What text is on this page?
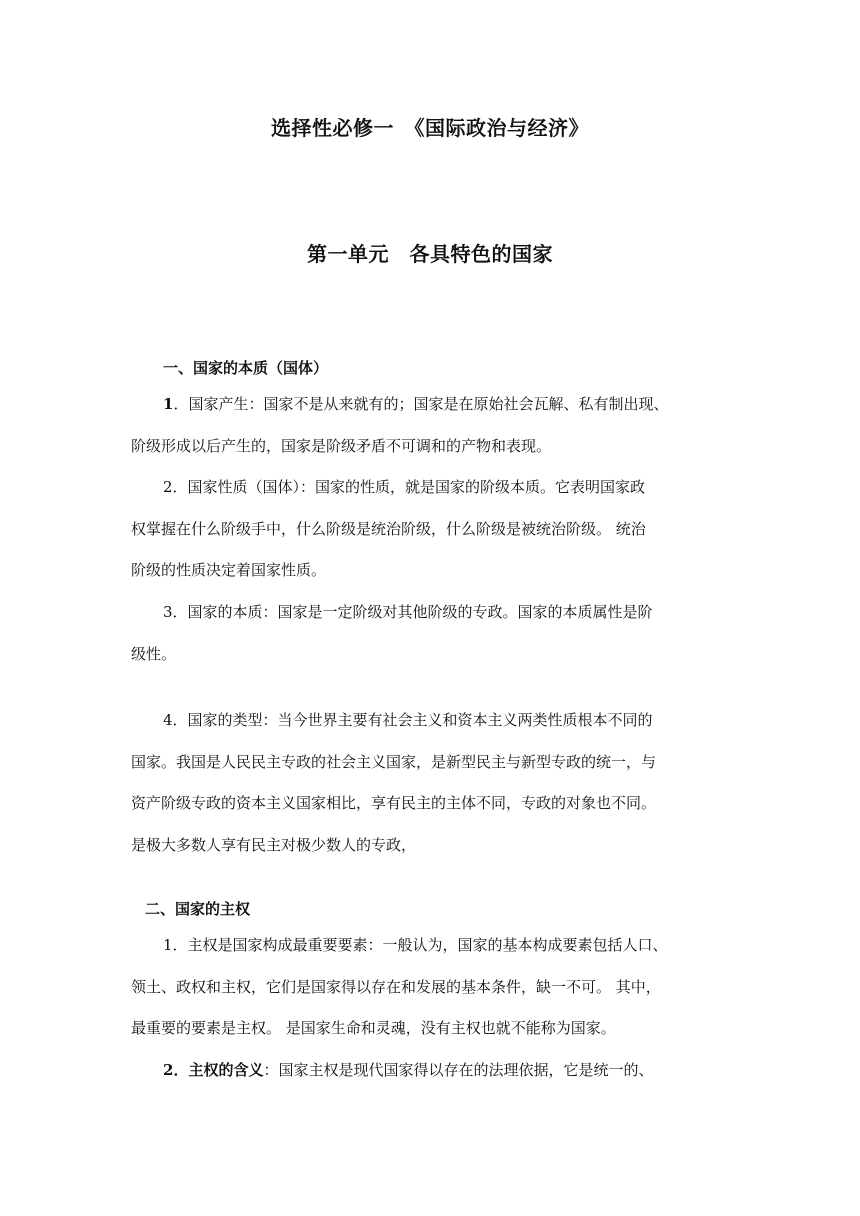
选择性必修一　《国际政治与经济》
第一单元　各具特色的国家
一、国家的本质（国体）
1．国家产生：国家不是从来就有的；国家是在原始社会瓦解、私有制出现、
阶级形成以后产生的，国家是阶级矛盾不可调和的产物和表现。
2．国家性质（国体）：国家的性质，就是国家的阶级本质。它表明国家政
权掌握在什么阶级手中，什么阶级是统治阶级，什么阶级是被统治阶级。 统治
阶级的性质决定着国家性质。
3．国家的本质：国家是一定阶级对其他阶级的专政。国家的本质属性是阶
级性。
4．国家的类型：当今世界主要有社会主义和资本主义两类性质根本不同的
国家。我国是人民民主专政的社会主义国家，是新型民主与新型专政的统一，与
资产阶级专政的资本主义国家相比，享有民主的主体不同，专政的对象也不同。
是极大多数人享有民主对极少数人的专政，
二、国家的主权
1．主权是国家构成最重要要素：一般认为，国家的基本构成要素包括人口、
领土、政权和主权，它们是国家得以存在和发展的基本条件，缺一不可。 其中，
最重要的要素是主权。 是国家生命和灵魂，没有主权也就不能称为国家。
2．主权的含义：国家主权是现代国家得以存在的法理依据，它是统一的、
